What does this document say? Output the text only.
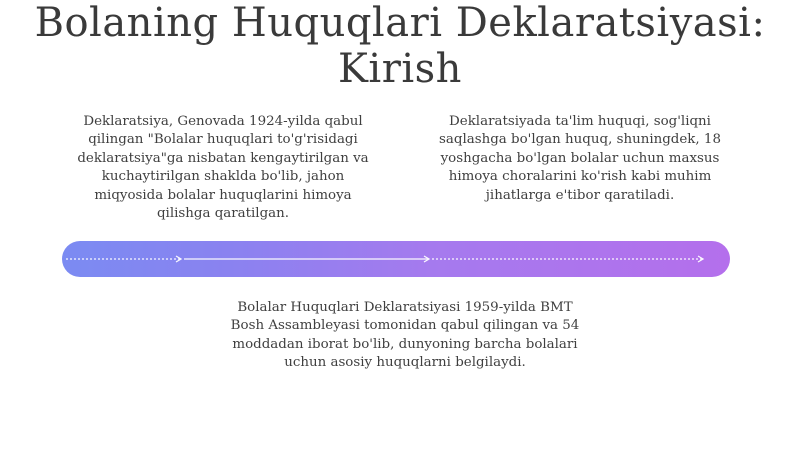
Bolaning Huquqlari Deklaratsiyasi: Kirish
Deklaratsiya, Genovada 1924-yilda qabul qilingan "Bolalar huquqlari to'g'risidagi deklaratsiya"ga nisbatan kengaytirilgan va kuchaytirilgan shaklda bo'lib, jahon miqyosida bolalar huquqlarini himoya qilishga qaratilgan.
Deklaratsiyada ta'lim huquqi, sog'liqni saqlashga bo'lgan huquq, shuningdek, 18 yoshgacha bo'lgan bolalar uchun maxsus himoya choralarini ko'rish kabi muhim jihatlarga e'tibor qaratiladi.
Bolalar Huquqlari Deklaratsiyasi 1959-yilda BMT Bosh Assambleyasi tomonidan qabul qilingan va 54 moddadan iborat bo'lib, dunyoning barcha bolalari uchun asosiy huquqlarni belgilaydi.
